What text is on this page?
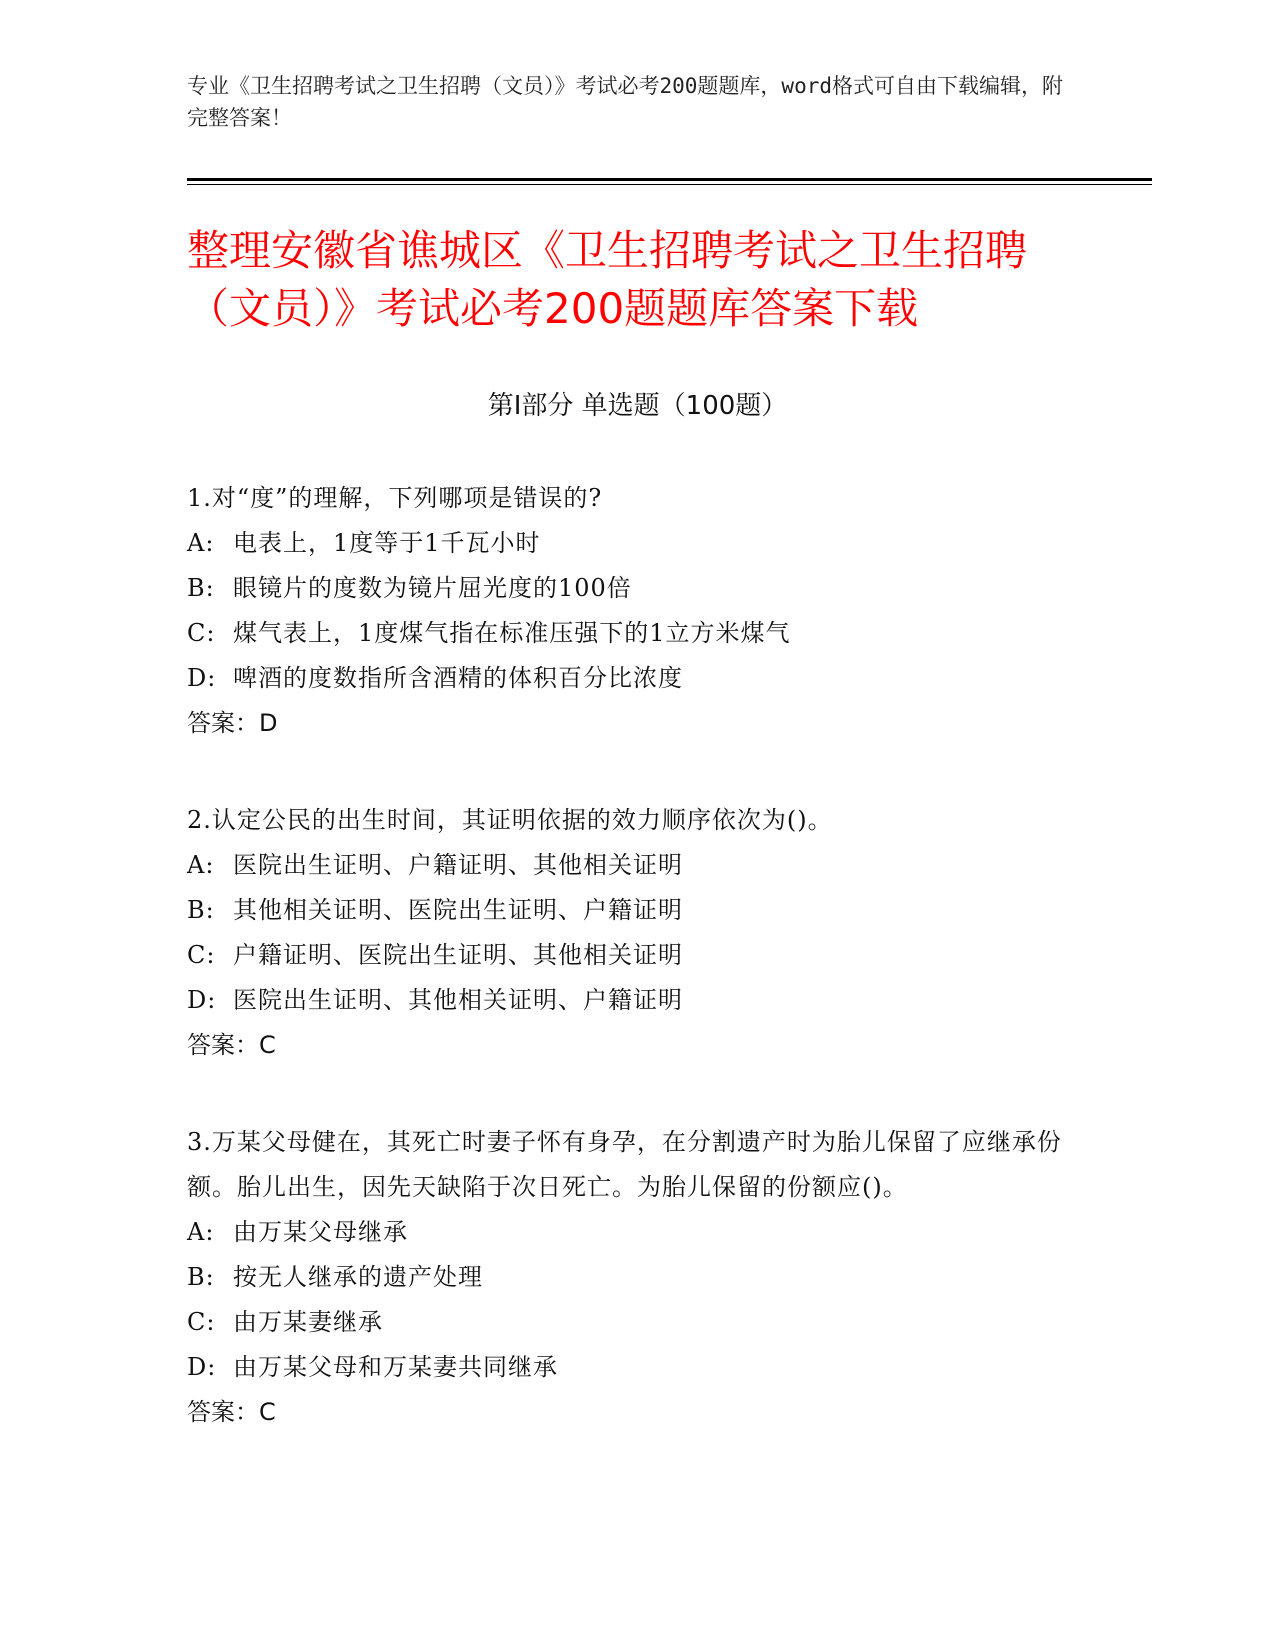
专业《卫生招聘考试之卫生招聘（文员）》考试必考200题题库，word格式可自由下载编辑，附完整答案！
整理安徽省谯城区《卫生招聘考试之卫生招聘（文员）》考试必考200题题库答案下载
第Ⅰ部分 单选题（100题）
1.对“度”的理解，下列哪项是错误的?
A: 电表上，1度等于1千瓦小时
B: 眼镜片的度数为镜片屈光度的100倍
C: 煤气表上，1度煤气指在标准压强下的1立方米煤气
D: 啤酒的度数指所含酒精的体积百分比浓度
答案：D
2.认定公民的出生时间，其证明依据的效力顺序依次为()。
A: 医院出生证明、户籍证明、其他相关证明
B: 其他相关证明、医院出生证明、户籍证明
C: 户籍证明、医院出生证明、其他相关证明
D: 医院出生证明、其他相关证明、户籍证明
答案：C
3.万某父母健在，其死亡时妻子怀有身孕，在分割遗产时为胎儿保留了应继承份额。胎儿出生，因先天缺陷于次日死亡。为胎儿保留的份额应()。
A: 由万某父母继承
B: 按无人继承的遗产处理
C: 由万某妻继承
D: 由万某父母和万某妻共同继承
答案：C
